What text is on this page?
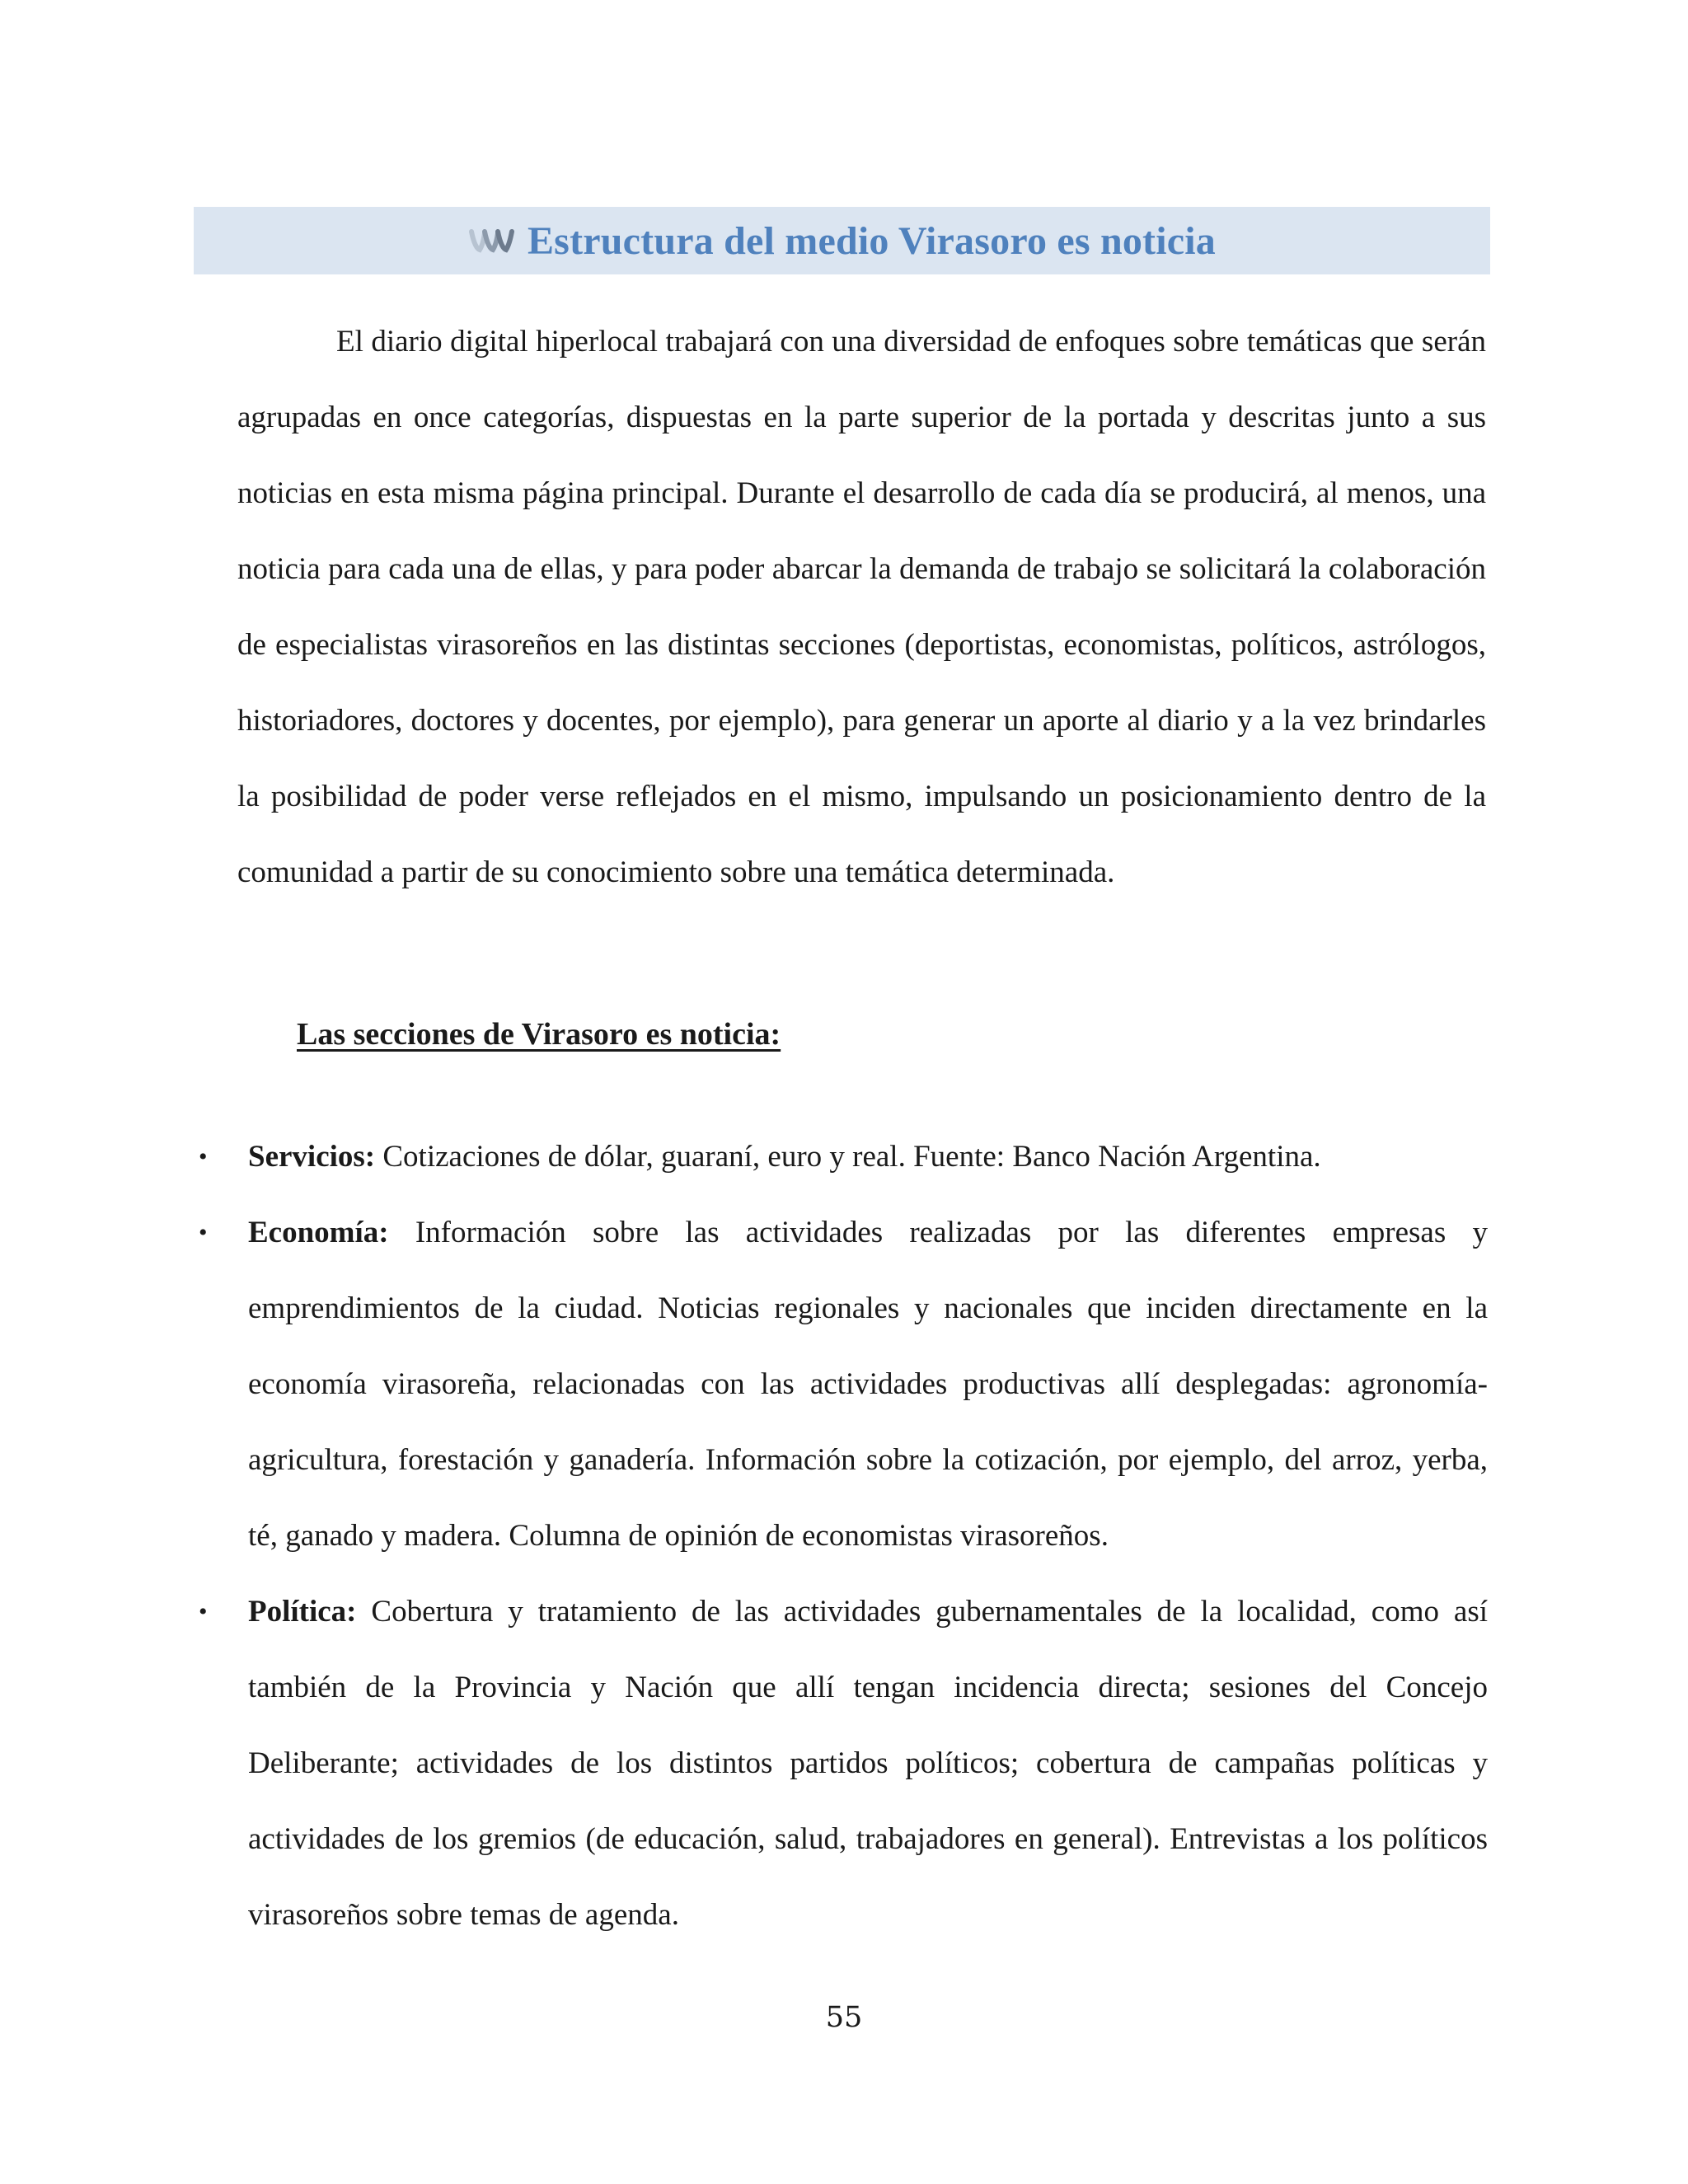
Estructura del medio Virasoro es noticia

El diario digital hiperlocal trabajará con una diversidad de enfoques sobre temáticas que serán agrupadas en once categorías, dispuestas en la parte superior de la portada y descritas junto a sus noticias en esta misma página principal. Durante el desarrollo de cada día se producirá, al menos, una noticia para cada una de ellas, y para poder abarcar la demanda de trabajo se solicitará la colaboración de especialistas virasoreños en las distintas secciones (deportistas, economistas, políticos, astrólogos, historiadores, doctores y docentes, por ejemplo), para generar un aporte al diario y a la vez brindarles la posibilidad de poder verse reflejados en el mismo, impulsando un posicionamiento dentro de la comunidad a partir de su conocimiento sobre una temática determinada.

Las secciones de Virasoro es noticia:
• Servicios: Cotizaciones de dólar, guaraní, euro y real. Fuente: Banco Nación Argentina.
• Economía: Información sobre las actividades realizadas por las diferentes empresas y emprendimientos de la ciudad. Noticias regionales y nacionales que inciden directamente en la economía virasoreña, relacionadas con las actividades productivas allí desplegadas: agronomía-agricultura, forestación y ganadería. Información sobre la cotización, por ejemplo, del arroz, yerba, té, ganado y madera. Columna de opinión de economistas virasoreños.
• Política: Cobertura y tratamiento de las actividades gubernamentales de la localidad, como así también de la Provincia y Nación que allí tengan incidencia directa; sesiones del Concejo Deliberante; actividades de los distintos partidos políticos; cobertura de campañas políticas y actividades de los gremios (de educación, salud, trabajadores en general). Entrevistas a los políticos virasoreños sobre temas de agenda.

55
